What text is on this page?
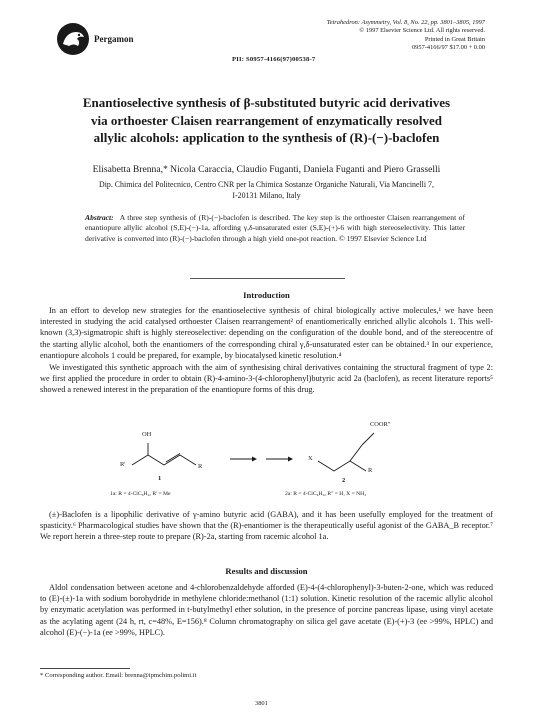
Pergamon
Tetrahedron: Asymmetry, Vol. 8, No. 22, pp. 3801–3805, 1997
© 1997 Elsevier Science Ltd. All rights reserved.
Printed in Great Britain
0957-4166/97 $17.00 + 0.00
PII: S0957-4166(97)00538-7
Enantioselective synthesis of β-substituted butyric acid derivatives
via orthoester Claisen rearrangement of enzymatically resolved
allylic alcohols: application to the synthesis of (R)-(−)-baclofen
Elisabetta Brenna,* Nicola Caraccia, Claudio Fuganti, Daniela Fuganti and Piero Grasselli
Dip. Chimica del Politecnico, Centro CNR per la Chimica Sostanze Organiche Naturali, Via Mancinelli 7,
I-20131 Milano, Italy
Abstract: A three step synthesis of (R)-(−)-baclofen is described. The key step is the orthoester Claisen rearrangement of enantiopure allylic alcohol (S,E)-(−)-1a, affording γ,δ-unsaturated ester (S,E)-(+)-6 with high stereoselectivity. This latter derivative is converted into (R)-(−)-baclofen through a high yield one-pot reaction. © 1997 Elsevier Science Ltd
Introduction
In an effort to develop new strategies for the enantioselective synthesis of chiral biologically active molecules,¹ we have been interested in studying the acid catalysed orthoester Claisen rearrangement² of enantiomerically enriched allylic alcohols 1. This well-known (3,3)-sigmatropic shift is highly stereoselective: depending on the configuration of the double bond, and of the stereocentre of the starting allylic alcohol, both the enantiomers of the corresponding chiral γ,δ-unsaturated ester can be obtained.³ In our experience, enantiopure alcohols 1 could be prepared, for example, by biocatalysed kinetic resolution.⁴
We investigated this synthetic approach with the aim of synthesising chiral derivatives containing the structural fragment of type 2: we first applied the procedure in order to obtain (R)-4-amino-3-(4-chlorophenyl)butyric acid 2a (baclofen), as recent literature reports⁵ showed a renewed interest in the preparation of the enantiopure forms of this drug.
OH
R'	R
X
R
COOR"
1	2
1a: R = 4-ClC₆H₄, R' = Me	2a: R = 4-ClC₆H₄, R" = H, X = NH₂
(±)-Baclofen is a lipophilic derivative of γ-amino butyric acid (GABA), and it has been usefully employed for the treatment of spasticity.⁶ Pharmacological studies have shown that the (R)-enantiomer is the therapeutically useful agonist of the GABA_B receptor.⁷ We report herein a three-step route to prepare (R)-2a, starting from racemic alcohol 1a.
Results and discussion
Aldol condensation between acetone and 4-chlorobenzaldehyde afforded (E)-4-(4-chlorophenyl)-3-buten-2-one, which was reduced to (E)-(±)-1a with sodium borohydride in methylene chloride:methanol (1:1) solution. Kinetic resolution of the racemic allylic alcohol by enzymatic acetylation was performed in t-butylmethyl ether solution, in the presence of porcine pancreas lipase, using vinyl acetate as the acylating agent (24 h, rt, c=48%, E=156).⁸ Column chromatography on silica gel gave acetate (E)-(+)-3 (ee >99%, HPLC) and alcohol (E)-(−)-1a (ee >99%, HPLC).
* Corresponding author. Email: brenna@ipmchim.polimi.it
3801
